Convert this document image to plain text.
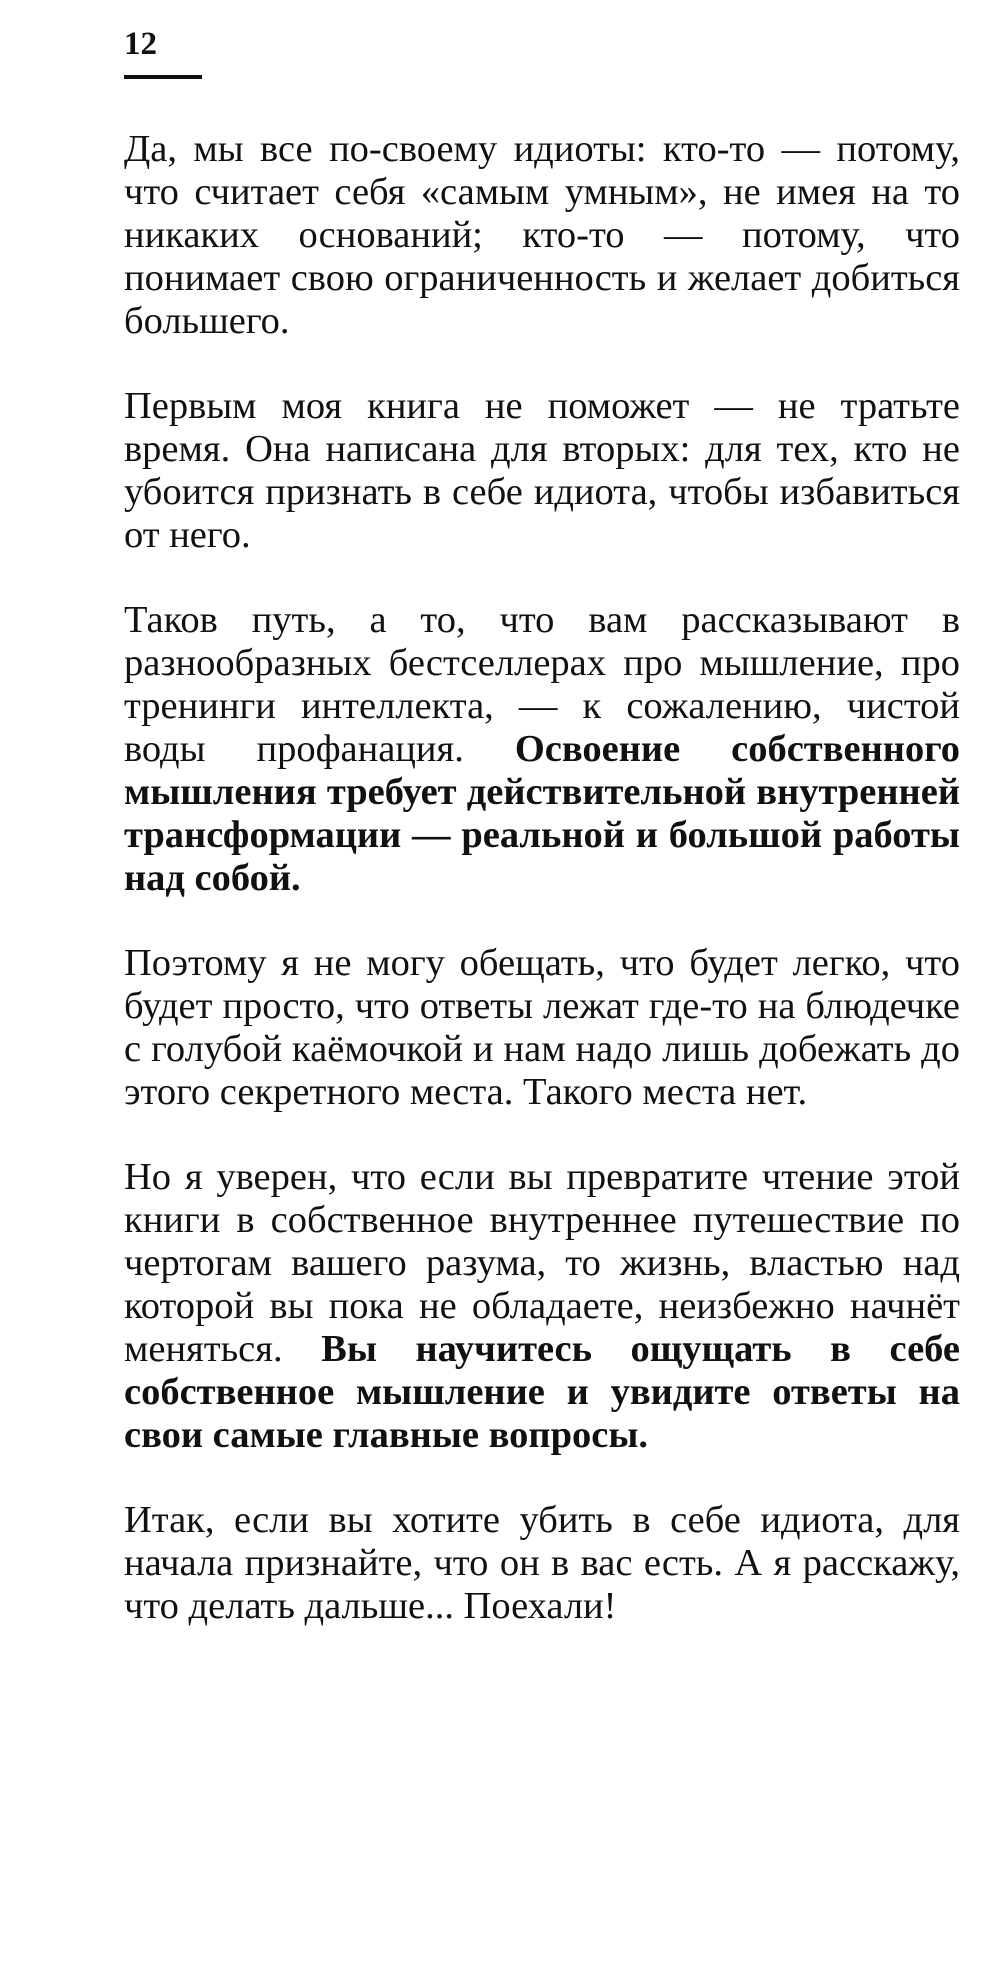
12

Да, мы все по-своему идиоты: кто-то — потому, что считает себя «самым умным», не имея на то никаких оснований; кто-то — потому, что понимает свою ограниченность и желает добиться большего.

Первым моя книга не поможет — не тратьте время. Она написана для вторых: для тех, кто не убоится признать в себе идиота, чтобы избавиться от него.

Таков путь, а то, что вам рассказывают в разнообразных бестселлерах про мышление, про тренинги интеллекта, — к сожалению, чистой воды профанация. Освоение собственного мышления требует действительной внутренней трансформации — реальной и большой работы над собой.

Поэтому я не могу обещать, что будет легко, что будет просто, что ответы лежат где-то на блюдечке с голубой каёмочкой и нам надо лишь добежать до этого секретного места. Такого места нет.

Но я уверен, что если вы превратите чтение этой книги в собственное внутреннее путешествие по чертогам вашего разума, то жизнь, властью над которой вы пока не обладаете, неизбежно начнёт меняться. Вы научитесь ощущать в себе собственное мышление и увидите ответы на свои самые главные вопросы.

Итак, если вы хотите убить в себе идиота, для начала признайте, что он в вас есть. А я расскажу, что делать дальше... Поехали!
